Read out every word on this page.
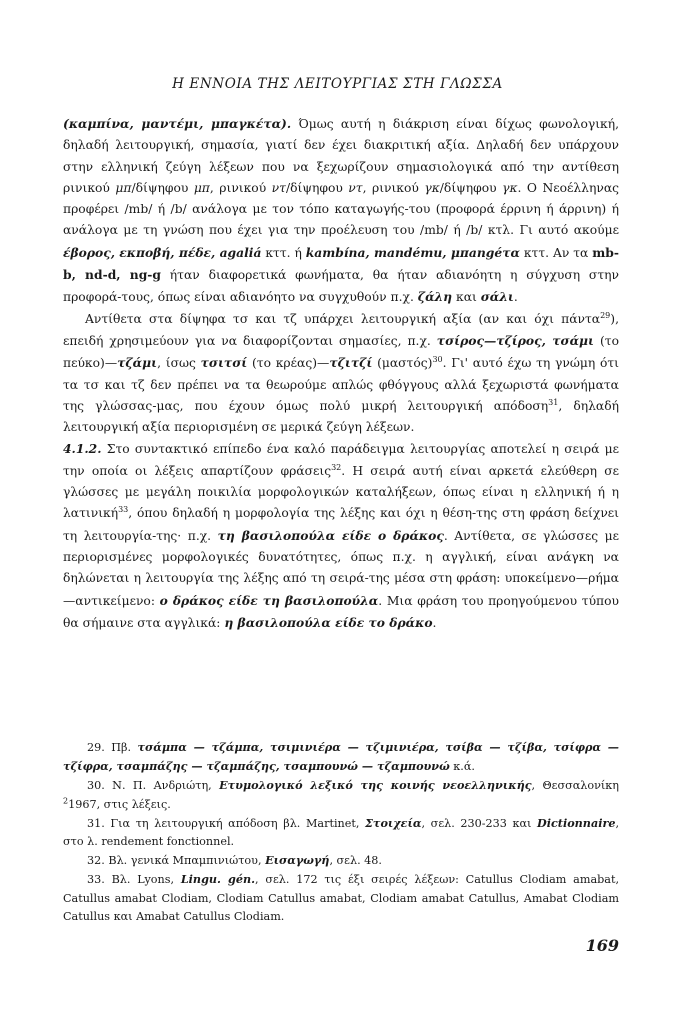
Η ΕΝΝΟΙΑ ΤΗΣ ΛΕΙΤΟΥΡΓΙΑΣ ΣΤΗ ΓΛΩΣΣΑ

(καμπίνα, μαντέμι, μπαγκέτα). Όμως αυτή η διάκριση είναι δίχως φωνολογική, δηλαδή λειτουργική, σημασία, γιατί δεν έχει διακριτική αξία. Δηλαδή δεν υπάρχουν στην ελληνική ζεύγη λέξεων που να ξεχωρίζουν σημασιολογικά από την αντίθεση ρινικού μπ/δίψηφου μπ, ρινικού ντ/δίψηφου ντ, ρινικού γκ/δίψηφου γκ. Ο Νεοέλληνας προφέρει /mb/ ή /b/ ανάλογα με τον τόπο καταγωγής-του (προφορά έρρινη ή άρρινη) ή ανάλογα με τη γνώση που έχει για την προέλευση του /mb/ ή /b/ κτλ. Γι αυτό ακούμε έβορος, εκποβή, πέδε, agaliá κττ. ή kambína, mandému, μπangéτα κττ. Αν τα mb-b, nd-d, ng-g ήταν διαφορετικά φωνήματα, θα ήταν αδιανόητη η σύγχυση στην προφορά-τους, όπως είναι αδιανόητο να συγχυθούν π.χ. ζάλη και σάλι.

Αντίθετα στα δίψηφα τσ και τζ υπάρχει λειτουργική αξία (αν και όχι πάντα$^{29}$), επειδή χρησιμεύουν για να διαφορίζονται σημασίες, π.χ. τσίρος—τζίρος, τσάμι (το πεύκο)—τζάμι, ίσως τσιτσί (το κρέας)—τζιτζί $(\mu\alpha\sigma\tau ό\varsigma)^{30}$. Γι' αυτό έχω τη γνώμη ότι τα τσ και τζ δεν πρέπει να τα θεωρούμε απλώς φθόγγους αλλά ξεχωριστά φωνήματα της γλώσσας-μας, που έχουν όμως πολύ μικρή λειτουργική απόδοση$^{31}$, δηλαδή λειτουργική αξία περιορισμένη σε μερικά ζεύγη λέξεων.

4.1.2. Στο συντακτικό επίπεδο ένα καλό παράδειγμα λειτουργίας αποτελεί η σειρά με την οποία οι λέξεις απαρτίζουν φράσεις$^{32}$. Η σειρά αυτή είναι αρκετά ελεύθερη σε γλώσσες με μεγάλη ποικιλία μορφολογικών καταλήξεων, όπως είναι η ελληνική ή η λατινική$^{33}$, όπου δηλαδή η μορφολογία της λέξης και όχι η θέση-της στη φράση δείχνει τη λειτουργία-της· π.χ. τη βασιλοπούλα είδε ο δράκος. Αντίθετα, σε γλώσσες με περιορισμένες μορφολογικές δυνατότητες, όπως π.χ. η αγγλική, είναι ανάγκη να δηλώνεται η λειτουργία της λέξης από τη σειρά-της μέσα στη φράση: υποκείμενο—ρήμα—αντικείμενο: ο δράκος είδε τη βασιλοπούλα. Μια φράση του προηγούμενου τύπου θα σήμαινε στα αγγλικά: η βασιλοπούλα είδε το δράκο.

29. Πβ. τσάμπα — τζάμπα, τσιμινιέρα — τζιμινιέρα, τσίβα — τζίβα, τσίφρα — τζίφρα, τσαμπάζης — τζαμπάζης, τσαμπουνώ — τζαμπουνώ κ.ά.

30. Ν. Π. Ανδριώτη, Ετυμολογικό λεξικό της κοινής νεοελληνικής, Θεσσαλονίκη $^2$1967, στις λέξεις.

31. Για τη λειτουργική απόδοση βλ. Martinet, Στοιχεία, σελ. 230-233 και Dictionnaire, στο λ. rendement fonctionnel.

32. Βλ. γενικά Μπαμπινιώτου, Εισαγωγή, σελ. 48.

33. Βλ. Lyons, Lingu. gén., σελ. 172 τις έξι σειρές λέξεων: Catullus Clodiam amabat, Catullus amabat Clodiam, Clodiam Catullus amabat, Clodiam amabat Catullus, Amabat Clodiam Catullus και Amabat Catullus Clodiam.

169
